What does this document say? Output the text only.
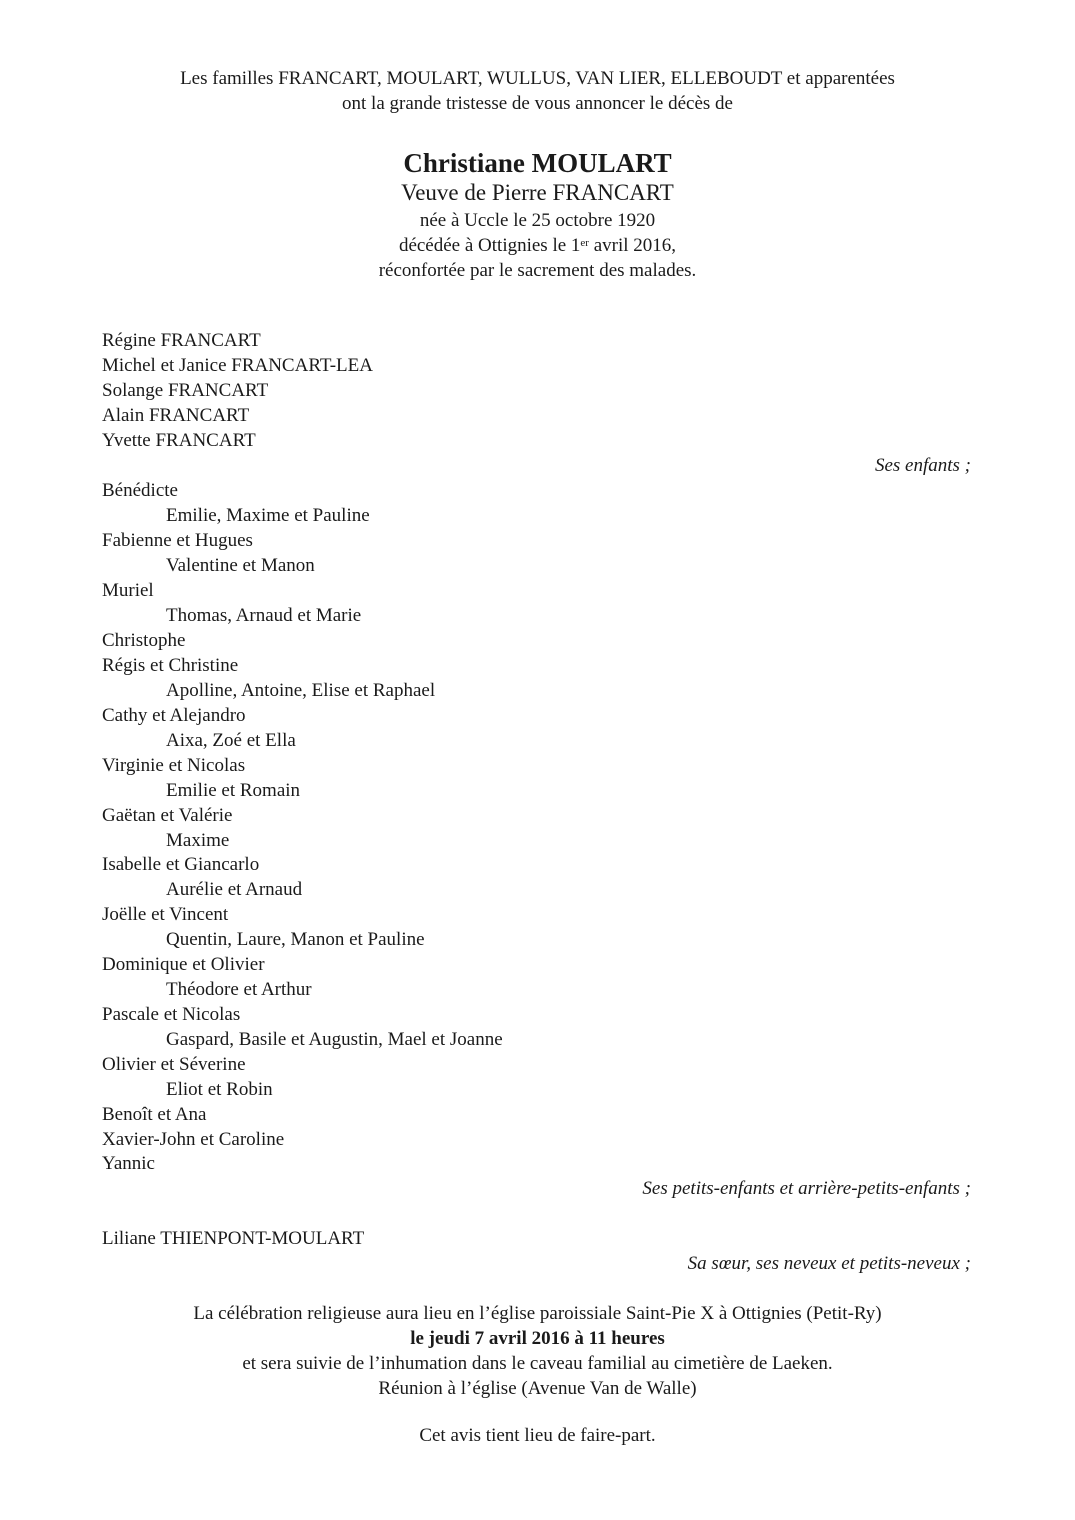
Les familles FRANCART, MOULART, WULLUS, VAN LIER, ELLEBOUDT et apparentées
ont la grande tristesse de vous annoncer le décès de
Christiane MOULART
Veuve de Pierre FRANCART
née à Uccle le 25 octobre 1920
décédée à Ottignies le 1er avril 2016,
réconfortée par le sacrement des malades.
Régine FRANCART
Michel et Janice FRANCART-LEA
Solange FRANCART
Alain FRANCART
Yvette FRANCART
Ses enfants ;
Bénédicte
Emilie, Maxime et Pauline
Fabienne et Hugues
Valentine et Manon
Muriel
Thomas, Arnaud et Marie
Christophe
Régis et Christine
Apolline, Antoine, Elise et Raphael
Cathy et Alejandro
Aixa, Zoé et Ella
Virginie et Nicolas
Emilie et Romain
Gaëtan et Valérie
Maxime
Isabelle et Giancarlo
Aurélie et Arnaud
Joëlle et Vincent
Quentin, Laure, Manon et Pauline
Dominique et Olivier
Théodore et Arthur
Pascale et Nicolas
Gaspard, Basile et Augustin, Mael et Joanne
Olivier et Séverine
Eliot et Robin
Benoît et Ana
Xavier-John et Caroline
Yannic
Ses petits-enfants et arrière-petits-enfants ;
Liliane THIENPONT-MOULART
Sa sœur, ses neveux et petits-neveux ;
La célébration religieuse aura lieu en l’église paroissiale Saint-Pie X à Ottignies (Petit-Ry)
le jeudi 7 avril 2016 à 11 heures
et sera suivie de l’inhumation dans le caveau familial au cimetière de Laeken.
Réunion à l’église (Avenue Van de Walle)
Cet avis tient lieu de faire-part.
